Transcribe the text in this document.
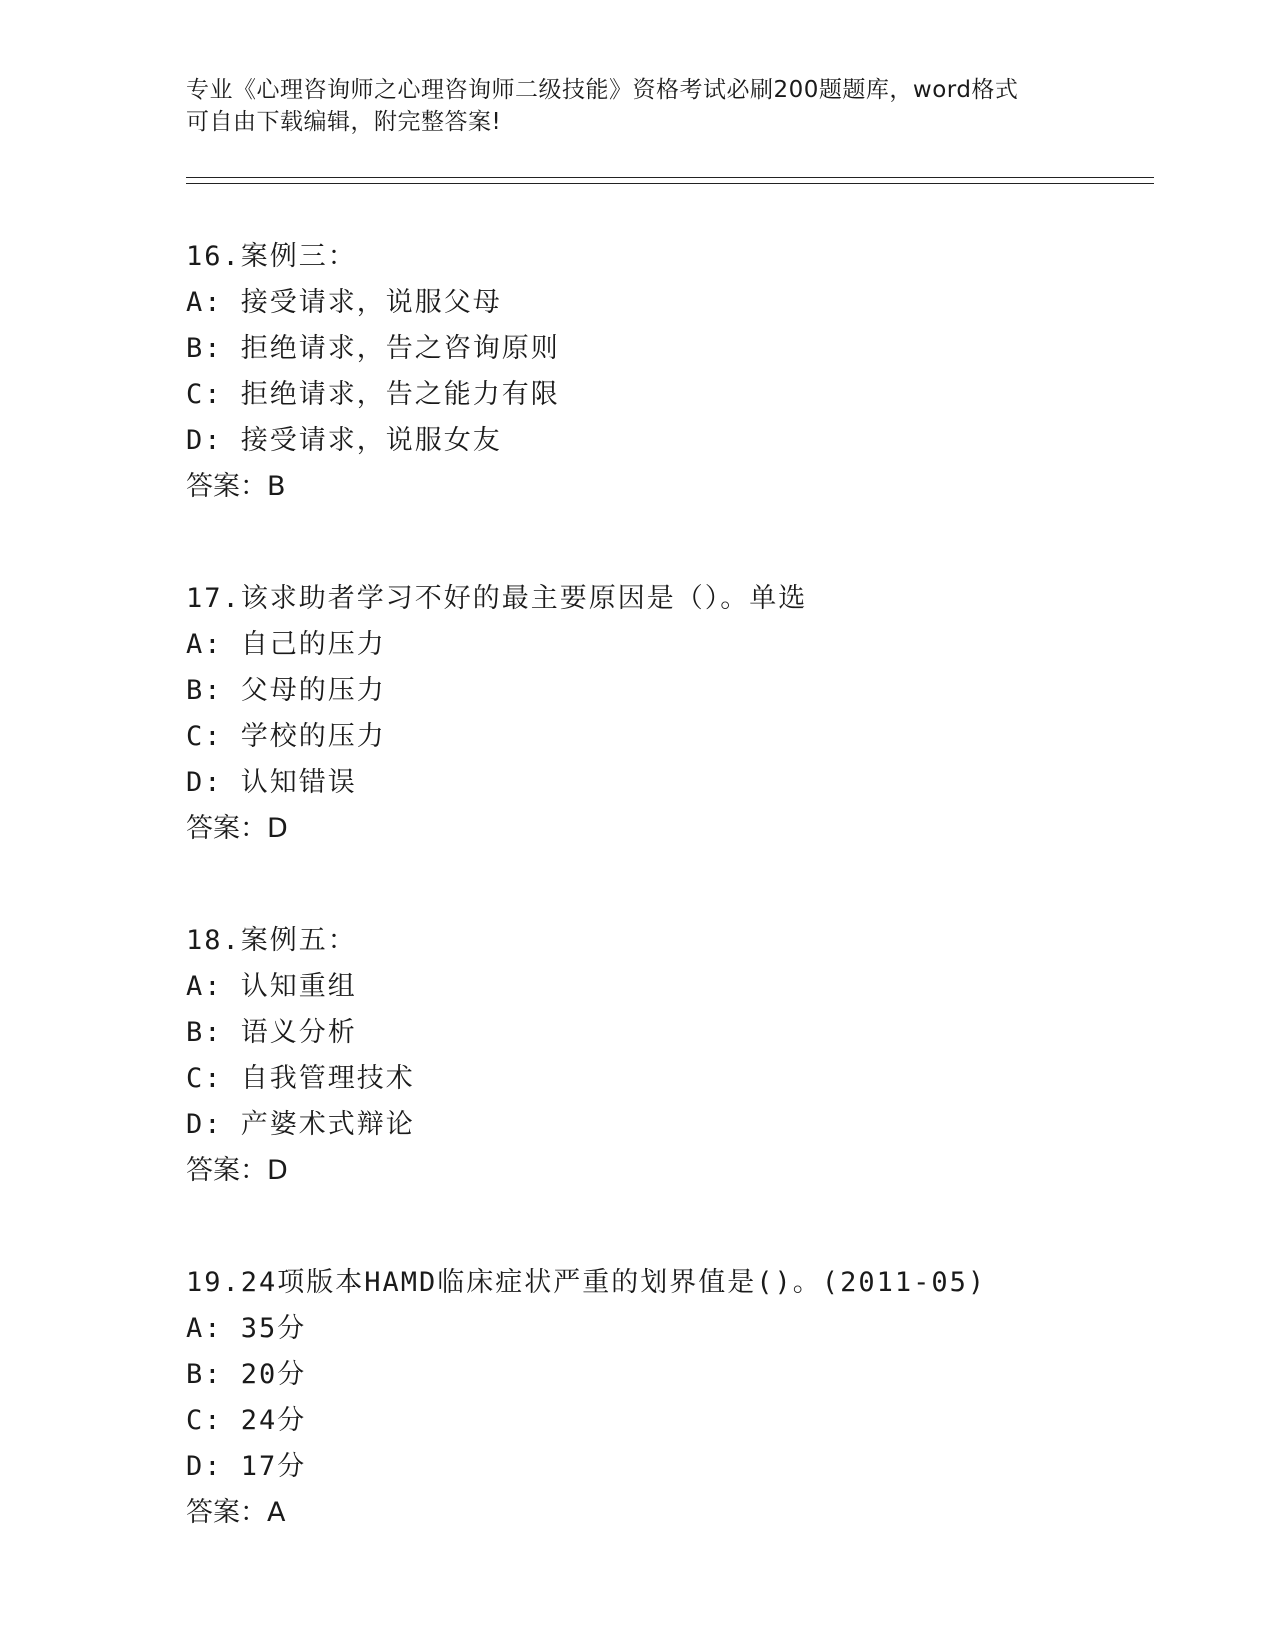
专业《心理咨询师之心理咨询师二级技能》资格考试必刷200题题库，word格式
可自由下载编辑，附完整答案!
16.案例三：
A: 接受请求，说服父母
B: 拒绝请求，告之咨询原则
C: 拒绝请求，告之能力有限
D: 接受请求，说服女友
答案：B
17.该求助者学习不好的最主要原因是（）。单选
A: 自己的压力
B: 父母的压力
C: 学校的压力
D: 认知错误
答案：D
18.案例五：
A: 认知重组
B: 语义分析
C: 自我管理技术
D: 产婆术式辩论
答案：D
19.24项版本HAMD临床症状严重的划界值是()。(2011-05)
A: 35分
B: 20分
C: 24分
D: 17分
答案：A
